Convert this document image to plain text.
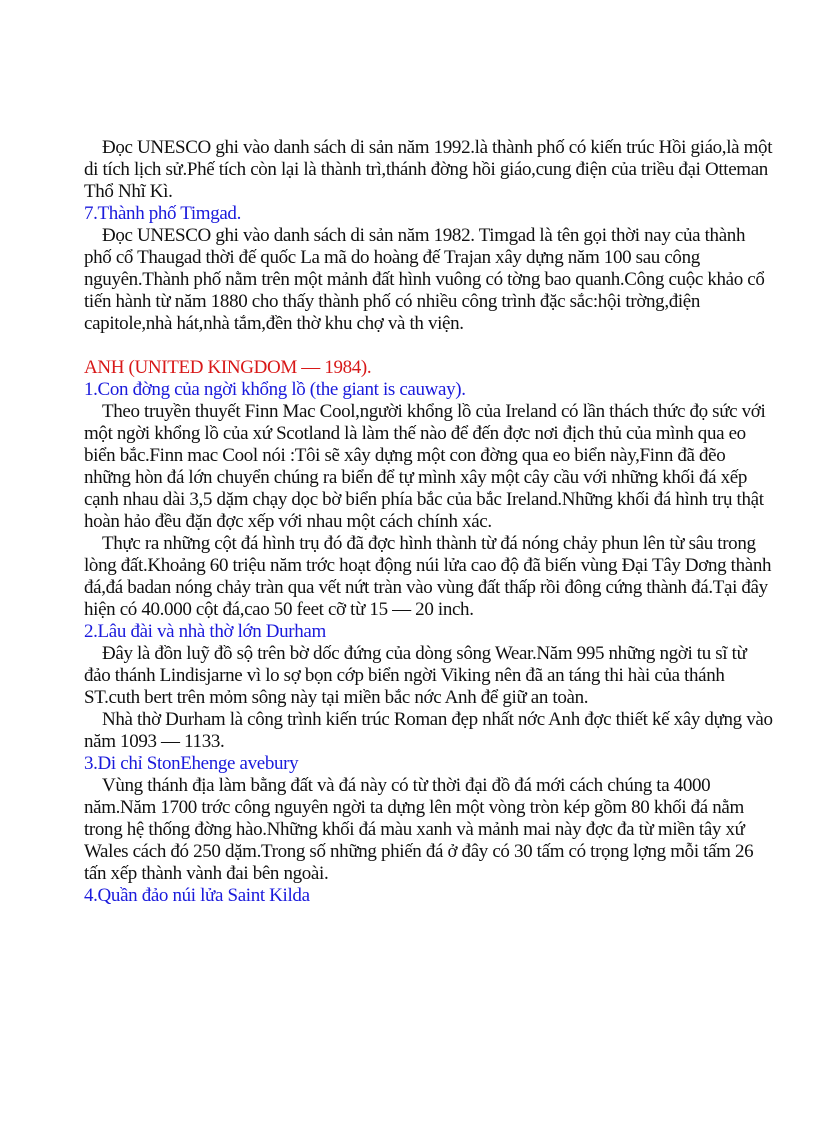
Đọc UNESCO ghi vào danh sách di sản năm 1992.là thành phố có kiến trúc Hồi giáo,là một di tích lịch sử.Phế tích còn lại là thành trì,thánh đờng hồi giáo,cung điện của triều đại Otteman Thổ Nhĩ Kì.

7.Thành phố Timgad.

Đọc UNESCO ghi vào danh sách di sản năm 1982. Timgad là tên gọi thời nay của thành phố cổ Thaugad thời đế quốc La mã do hoàng đế Trajan xây dựng năm 100 sau công nguyên.Thành phố nằm trên một mảnh đất hình vuông có tờng bao quanh.Công cuộc khảo cổ tiến hành từ năm 1880 cho thấy thành phố có nhiều công trình đặc sắc:hội trờng,điện capitole,nhà hát,nhà tắm,đền thờ khu chợ và th viện.

ANH (UNITED KINGDOM — 1984).

1.Con đờng của ngời khổng lồ (the giant is cauway).

Theo truyền thuyết Finn Mac Cool,người khổng lồ của Ireland có lần thách thức đọ sức với một ngời khổng lồ của xứ Scotland là làm thế nào để đến đợc nơi địch thủ của mình qua eo biển bắc.Finn mac Cool nói :Tôi sẽ xây dựng một con đờng qua eo biển này,Finn đã đẽo những hòn đá lớn chuyển chúng ra biển để tự mình xây một cây cầu với những khối đá xếp cạnh nhau dài 3,5 dặm chạy dọc bờ biển phía bắc của bắc Ireland.Những khối đá hình trụ thật hoàn hảo đều đặn đợc xếp với nhau một cách chính xác.

Thực ra những cột đá hình trụ đó đã đợc hình thành từ đá nóng chảy phun lên từ sâu trong lòng đất.Khoảng 60 triệu năm trớc hoạt động núi lửa cao độ đã biến vùng Đại Tây Dơng thành đá,đá badan nóng chảy tràn qua vết nứt tràn vào vùng đất thấp rồi đông cứng thành đá.Tại đây hiện có 40.000 cột đá,cao 50 feet cỡ từ 15 — 20 inch.

2.Lâu đài và nhà thờ lớn Durham

Đây là đồn luỹ đồ sộ trên bờ dốc đứng của dòng sông Wear.Năm 995 những ngời tu sĩ từ đảo thánh Lindisjarne vì lo sợ bọn cớp biển ngời Viking nên đã an táng thi hài của thánh ST.cuth bert trên mỏm sông này tại miền bắc nớc Anh để giữ an toàn.

Nhà thờ Durham là công trình kiến trúc Roman đẹp nhất nớc Anh đợc thiết kế xây dựng vào năm 1093 — 1133.

3.Di chỉ StonEhenge avebury

Vùng thánh địa làm bằng đất và đá này có từ thời đại đồ đá mới cách chúng ta 4000 năm.Năm 1700 trớc công nguyên ngời ta dựng lên một vòng tròn kép gồm 80 khối đá nằm trong hệ thống đờng hào.Những khối đá màu xanh và mảnh mai này đợc đa từ miền tây xứ Wales cách đó 250 dặm.Trong số những phiến đá ở đây có 30 tấm có trọng lợng mỗi tấm 26 tấn xếp thành vành đai bên ngoài.

4.Quần đảo núi lửa Saint Kilda
